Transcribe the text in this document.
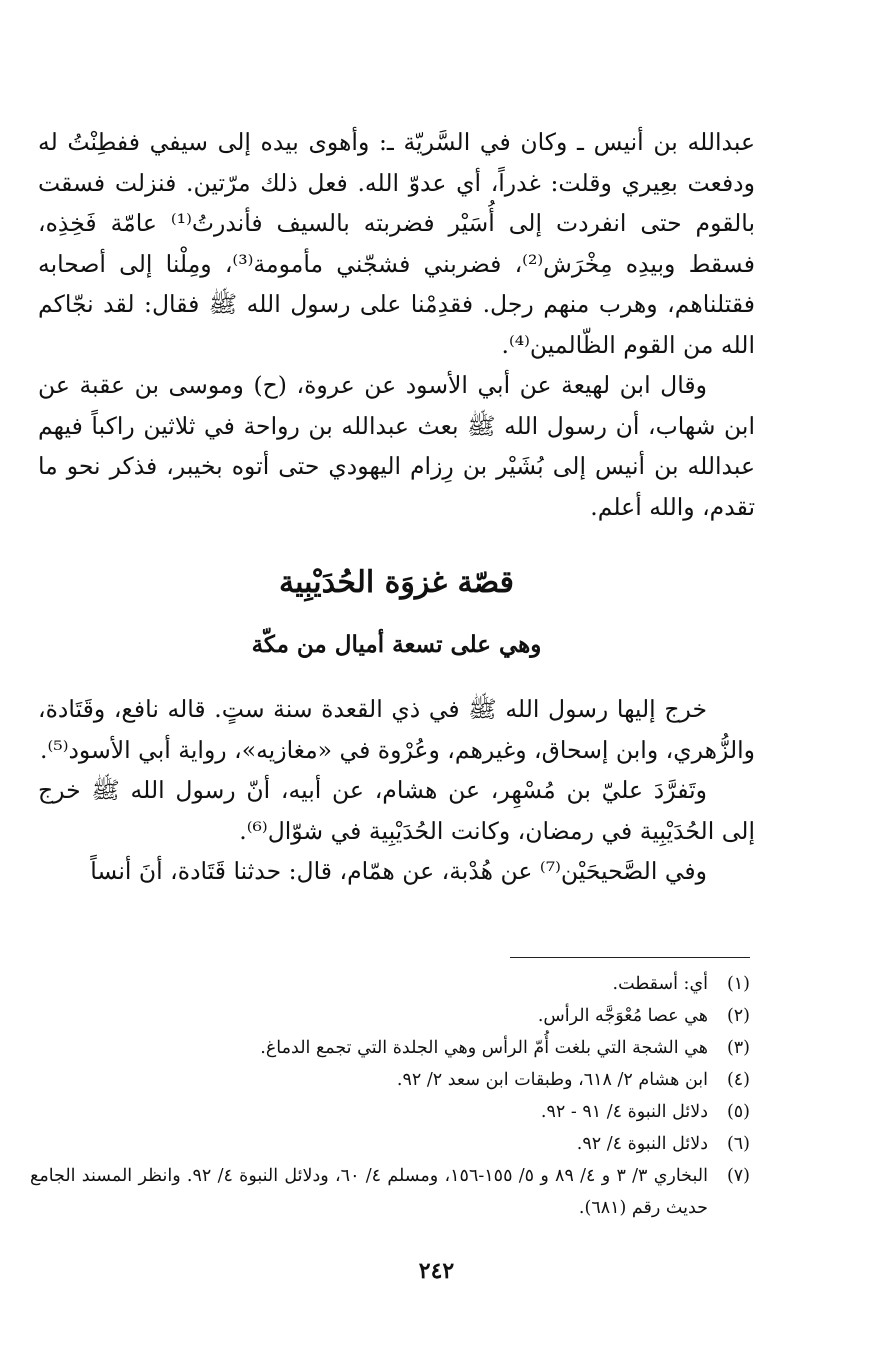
عبدالله بن أنيس ـ وكان في السَّريّة ـ: وأهوى بيده إلى سيفي ففطِنْتُ له ودفعت بعِيري وقلت: غدراً، أي عدوّ الله. فعل ذلك مرّتين. فنزلت فسقت بالقوم حتى انفردت إلى أُسَيْر فضربته بالسيف فأندرتُ⁽¹⁾ عامّة فَخِذِه، فسقط وبيدِه مِخْرَش⁽²⁾، فضربني فشجّني مأمومة⁽³⁾، ومِلْنا إلى أصحابه فقتلناهم، وهرب منهم رجل. فقدِمْنا على رسول الله ﷺ فقال: لقد نجّاكم الله من القوم الظّالمين⁽⁴⁾.

وقال ابن لهيعة عن أبي الأسود عن عروة، (ح) وموسى بن عقبة عن ابن شهاب، أن رسول الله ﷺ بعث عبدالله بن رواحة في ثلاثين راكباً فيهم عبدالله بن أنيس إلى بُشَيْر بن رِزام اليهودي حتى أتوه بخيبر، فذكر نحو ما تقدم، والله أعلم.

قصّة غزوَة الحُدَيْبِية
وهي على تسعة أميال من مكّة

خرج إليها رسول الله ﷺ في ذي القعدة سنة ستٍ. قاله نافع، وقَتَادة، والزُّهري، وابن إسحاق، وغيرهم، وعُرْوة في «مغازيه»، رواية أبي الأسود⁽⁵⁾.

وتَفرَّدَ عليّ بن مُسْهِر، عن هشام، عن أبيه، أنّ رسول الله ﷺ خرج إلى الحُدَيْبِية في رمضان، وكانت الحُدَيْبِية في شوّال⁽⁶⁾.

وفي الصَّحيحَيْن⁽⁷⁾ عن هُدْبة، عن همّام، قال: حدثنا قَتَادة، أنَ أنساً

(١)
أي: أسقطت.
(٢)
هي عصا مُعْوَجَّه الرأس.
(٣)
هي الشجة التي بلغت أُمّ الرأس وهي الجلدة التي تجمع الدماغ.
(٤)
ابن هشام ٢/ ٦١٨، وطبقات ابن سعد ٢/ ٩٢.
(٥)
دلائل النبوة ٤/ ٩١ - ٩٢.
(٦)
دلائل النبوة ٤/ ٩٢.
(٧)
البخاري ٣/ ٣ و ٤/ ٨٩ و ٥/ ١٥٥-١٥٦، ومسلم ٤/ ٦٠، ودلائل النبوة ٤/ ٩٢. وانظر المسند الجامع حديث رقم (٦٨١).
٢٤٢
